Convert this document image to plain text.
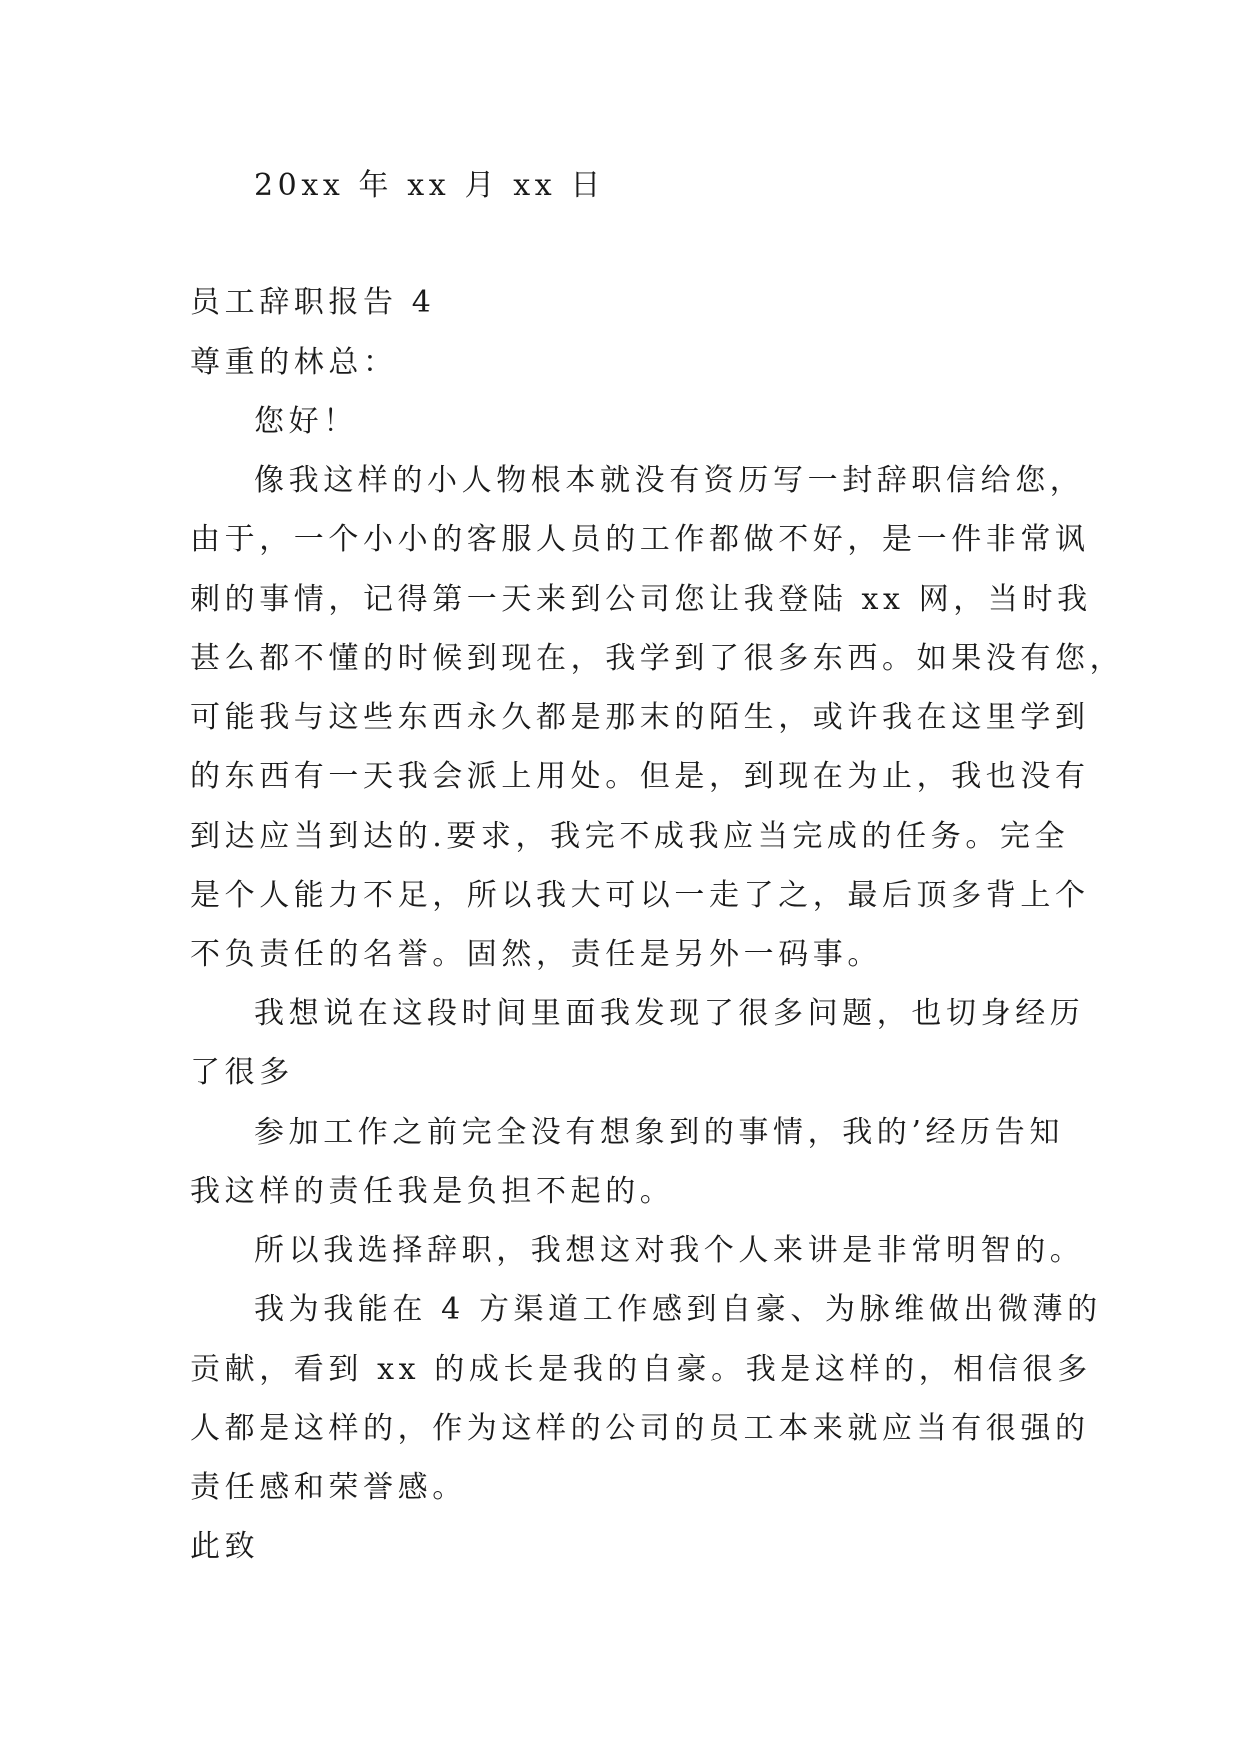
20xx 年 xx 月 xx 日
员工辞职报告 4
尊重的林总：
您好！
像我这样的小人物根本就没有资历写一封辞职信给您，
由于，一个小小的客服人员的工作都做不好，是一件非常讽
刺的事情，记得第一天来到公司您让我登陆 xx 网，当时我
甚么都不懂的时候到现在，我学到了很多东西。如果没有您，
可能我与这些东西永久都是那末的陌生，或许我在这里学到
的东西有一天我会派上用处。但是，到现在为止，我也没有
到达应当到达的.要求，我完不成我应当完成的任务。完全
是个人能力不足，所以我大可以一走了之，最后顶多背上个
不负责任的名誉。固然，责任是另外一码事。
我想说在这段时间里面我发现了很多问题，也切身经历
了很多
参加工作之前完全没有想象到的事情，我的’经历告知
我这样的责任我是负担不起的。
所以我选择辞职，我想这对我个人来讲是非常明智的。
我为我能在 4 方渠道工作感到自豪、为脉维做出微薄的
贡献，看到 xx 的成长是我的自豪。我是这样的，相信很多
人都是这样的，作为这样的公司的员工本来就应当有很强的
责任感和荣誉感。
此致
